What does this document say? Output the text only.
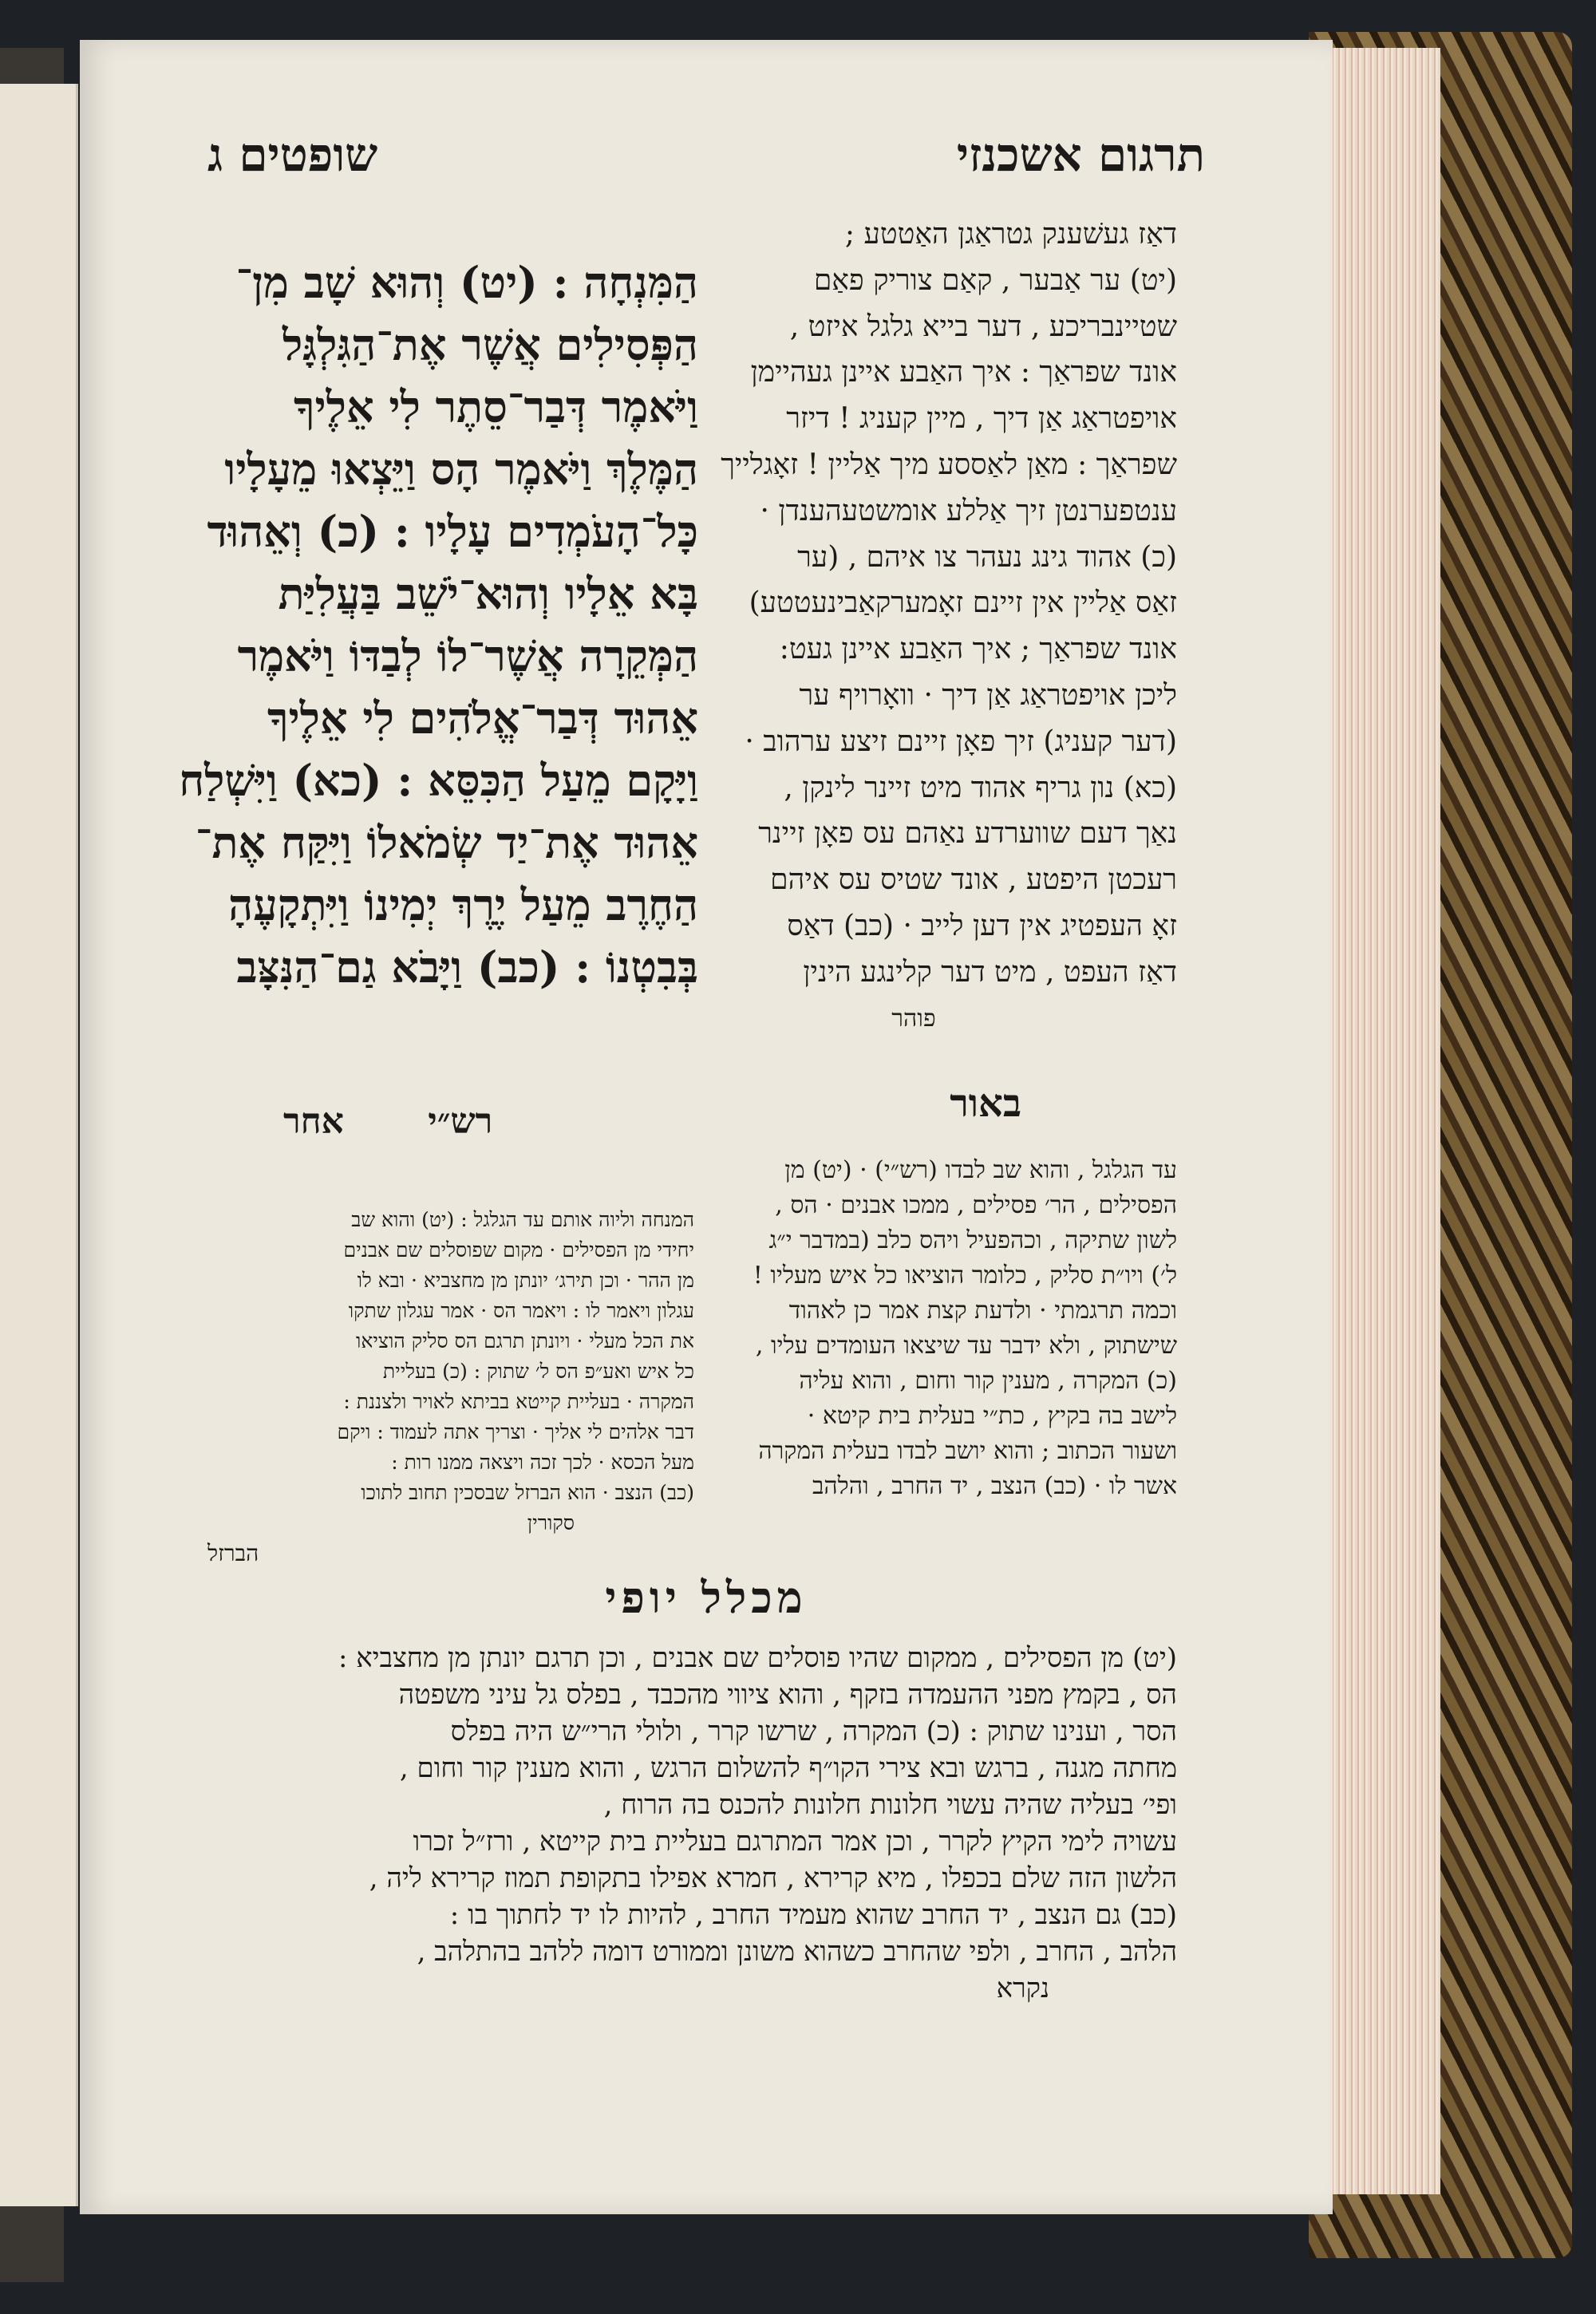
תרגום אשכנזי
שופטים ג

דאַז געשׁענק גטראַגן האַטטע ;

(יט) ער אַבער , קאַם צוריק פאַם

שטיינבריכע , דער בייא גלגל איזט ,

אונד שפראַך : איך האַבע איינן געהיימן

אויפטראַג אַן דיך , מיין קעניג ! דיזר

שפראַך : מאַן לאַססע מיך אַליין ! זאָגלייך

ענטפערנטן זיך אַללע אומשטעהענדן ·

(כ) אהוד גינג נעהר צו איהם , (ער

זאַס אַליין אין זיינם זאָמערקאַבינעטטע)

אונד שפראַך ; איך האַבע איינן געט:

ליכן אויפטראַג אַן דיך · וואָרויף ער

(דער קעניג) זיך פאָן זיינם זיצע ערהוב ·

(כא) נון גריף אהוד מיט זיינר לינקן ,

נאַך דעם שווערדע נאַהם עס פאָן זיינר

רעכטן היפטע , אונד שטיס עס איהם

זאָ העפטיג אין דען לייב · (כב) דאַס

דאַז העפט , מיט דער קלינגע הינין

פוהר

הַמִּנְחָה : (יט) וְהוּא שָׁב מִן־

הַפְּסִילִים אֲשֶׁר אֶת־הַגִּלְגָּל

וַיֹּאמֶר דְּבַר־סֵתֶר לִי אֵלֶיךָ

הַמֶּלֶךְ וַיֹּאמֶר הָס וַיֵּצְאוּ מֵעָלָיו

כָּל־הָעֹמְדִים עָלָיו : (כ) וְאֵהוּד

בָּא אֵלָיו וְהוּא־יֹשֵׁב בַּעֲלִיַּת

הַמְּקֵרָה אֲשֶׁר־לוֹ לְבַדּוֹ וַיֹּאמֶר

אֵהוּד דְּבַר־אֱלֹהִים לִי אֵלֶיךָ

וַיָּקָם מֵעַל הַכִּסֵּא : (כא) וַיִּשְׁלַח

אֵהוּד אֶת־יַד שְׂמֹאלוֹ וַיִּקַּח אֶת־

הַחֶרֶב מֵעַל יֶרֶךְ יְמִינוֹ וַיִּתְקָעֶהָ

בְּבִטְנוֹ : (כב) וַיָּבֹא גַם־הַנִּצָּב

באור
רש״י אחר

עד הגלגל , והוא שב לבדו (רש״י) · (יט) מן

הפסילים , הר׳ פסילים , ממכו אבנים · הס ,

לשון שתיקה , וכהפעיל ויהס כלב (במדבר י״ג

ל׳) ויו״ת סליק , כלומר הוציאו כל איש מעליו !

וכמה תרגמתי · ולדעת קצת אמר כן לאהוד

שישתוק , ולא ידבר עד שיצאו העומדים עליו ,

(כ) המקרה , מענין קור וחום , והוא עליה

לישב בה בקיץ , כת״י בעלית בית קיטא ·

ושעור הכתוב ; והוא יושב לבדו בעלית המקרה

אשר לו · (כב) הנצב , יד החרב , והלהב

המנחה וליוה אותם עד הגלגל : (יט) והוא שב

יחידי מן הפסילים · מקום שפוסלים שם אבנים

מן ההר · וכן תירג׳ יונתן מן מחצביא · ובא לו

עגלון ויאמר לו : ויאמר הס · אמר עגלון שתקו

את הכל מעלי · ויונתן תרגם הס סליק הוציאו

כל איש ואע״פ הס ל׳ שתוק : (כ) בעליית

המקרה · בעליית קייטא בביתא לאויר ולצננת :

דבר אלהים לי אליך · וצריך אתה לעמוד : ויקם

מעל הכסא · לכך זכה ויצאה ממנו רות :

(כב) הנצב · הוא הברזל שבסכין תחוב לתוכו

סקורין

הברזל

מכלל יופי

(יט) מן הפסילים , ממקום שהיו פוסלים שם אבנים , וכן תרגם יונתן מן מחצביא :

הס , בקמץ מפני ההעמדה בזקף , והוא ציווי מהכבד , בפלס גל עיני משפטה

הסר , וענינו שתוק : (כ) המקרה , שרשו קרר , ולולי הרי״ש היה בפלס

מחתה מגנה , ברגש ובא צירי הקו״ף להשלום הרגש , והוא מענין קור וחום ,

ופי׳ בעליה שהיה עשוי חלונות חלונות להכנס בה הרוח ,

עשויה לימי הקיץ לקרר , וכן אמר המתרגם בעליית בית קייטא , ורז״ל זכרו

הלשון הזה שלם בכפלו , מיא קרירא , חמרא אפילו בתקופת תמוז קרירא ליה ,

(כב) גם הנצב , יד החרב שהוא מעמיד החרב , להיות לו יד לחתוך בו :

הלהב , החרב , ולפי שהחרב כשהוא משונן וממורט דומה ללהב בהתלהב ,

נקרא
